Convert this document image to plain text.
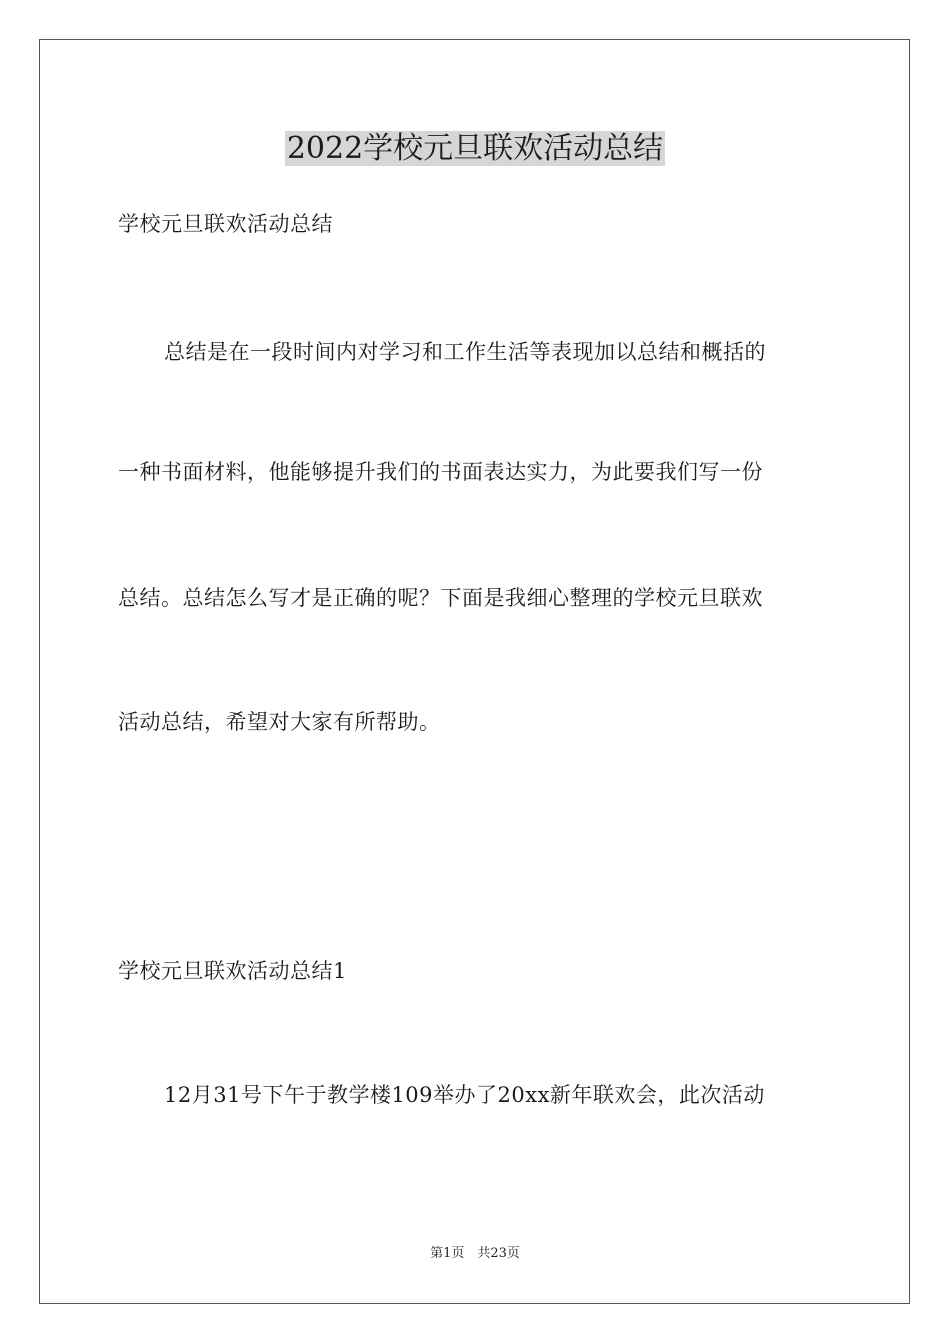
2022学校元旦联欢活动总结

学校元旦联欢活动总结

总结是在一段时间内对学习和工作生活等表现加以总结和概括的

一种书面材料，他能够提升我们的书面表达实力，为此要我们写一份

总结。总结怎么写才是正确的呢？下面是我细心整理的学校元旦联欢

活动总结，希望对大家有所帮助。

学校元旦联欢活动总结1

12月31号下午于教学楼109举办了20xx新年联欢会，此次活动

第1页　共23页
